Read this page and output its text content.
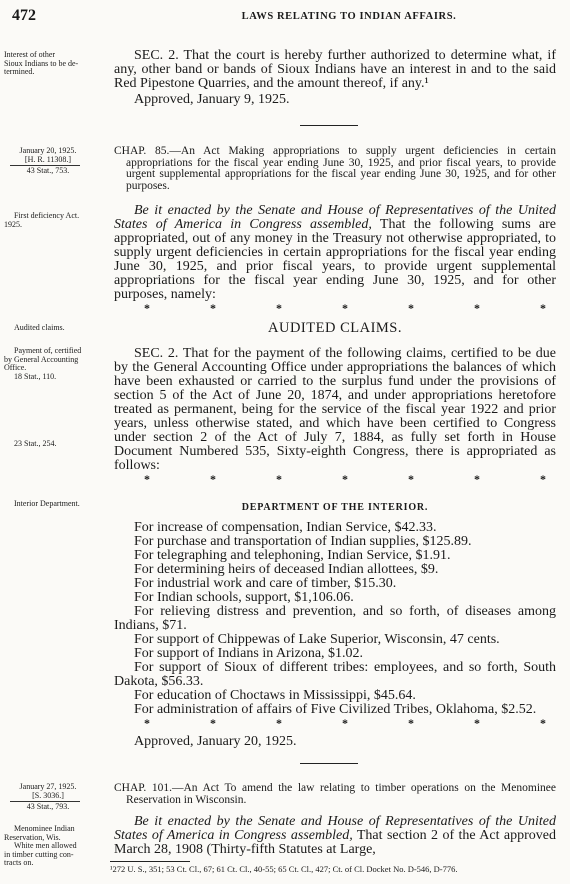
472	LAWS RELATING TO INDIAN AFFAIRS.
Interest of other
Sioux Indians to be de-
termined.
January 20, 1925.
[H. R. 11308.]
43 Stat., 753.
First deficiency Act.
1925.
Audited claims.
Payment of, certified
by General Accounting
Office.
18 Stat., 110.
23 Stat., 254.
Interior Department.
January 27, 1925.
[S. 3036.]
43 Stat., 793.
Menominee Indian
Reservation, Wis.
White men allowed
in timber cutting con-
tracts on.

SEC. 2. That the court is hereby further authorized to determine what, if any, other band or bands of Sioux Indians have an interest in and to the said Red Pipestone Quarries, and the amount thereof, if any.¹

Approved, January 9, 1925.

CHAP. 85.—An Act Making appropriations to supply urgent deficiencies in certain appropriations for the fiscal year ending June 30, 1925, and prior fiscal years, to provide urgent supplemental appropriations for the fiscal year ending June 30, 1925, and for other purposes.

Be it enacted by the Senate and House of Representatives of the United States of America in Congress assembled, That the following sums are appropriated, out of any money in the Treasury not otherwise appropriated, to supply urgent deficiencies in certain appropriations for the fiscal year ending June 30, 1925, and prior fiscal years, to provide urgent supplemental appropriations for the fiscal year ending June 30, 1925, and for other purposes, namely:

*	*	*	*	*	*	*
AUDITED CLAIMS.

SEC. 2. That for the payment of the following claims, certified to be due by the General Accounting Office under appropriations the balances of which have been exhausted or carried to the surplus fund under the provisions of section 5 of the Act of June 20, 1874, and under appropriations heretofore treated as permanent, being for the service of the fiscal year 1922 and prior years, unless otherwise stated, and which have been certified to Congress under section 2 of the Act of July 7, 1884, as fully set forth in House Document Numbered 535, Sixty-eighth Congress, there is appropriated as follows:

*	*	*	*	*	*	*
DEPARTMENT OF THE INTERIOR.

For increase of compensation, Indian Service, $42.33.

For purchase and transportation of Indian supplies, $125.89.

For telegraphing and telephoning, Indian Service, $1.91.

For determining heirs of deceased Indian allottees, $9.

For industrial work and care of timber, $15.30.

For Indian schools, support, $1,106.06.

For relieving distress and prevention, and so forth, of diseases among Indians, $71.

For support of Chippewas of Lake Superior, Wisconsin, 47 cents.

For support of Indians in Arizona, $1.02.

For support of Sioux of different tribes: employees, and so forth, South Dakota, $56.33.

For education of Choctaws in Mississippi, $45.64.

For administration of affairs of Five Civilized Tribes, Oklahoma, $2.52.

*	*	*	*	*	*	*

Approved, January 20, 1925.

CHAP. 101.—An Act To amend the law relating to timber operations on the Menominee Reservation in Wisconsin.

Be it enacted by the Senate and House of Representatives of the United States of America in Congress assembled, That section 2 of the Act approved March 28, 1908 (Thirty-fifth Statutes at Large,

¹272 U. S., 351; 53 Ct. Cl., 67; 61 Ct. Cl., 40-55; 65 Ct. Cl., 427; Ct. of Cl. Docket No. D-546, D-776.
